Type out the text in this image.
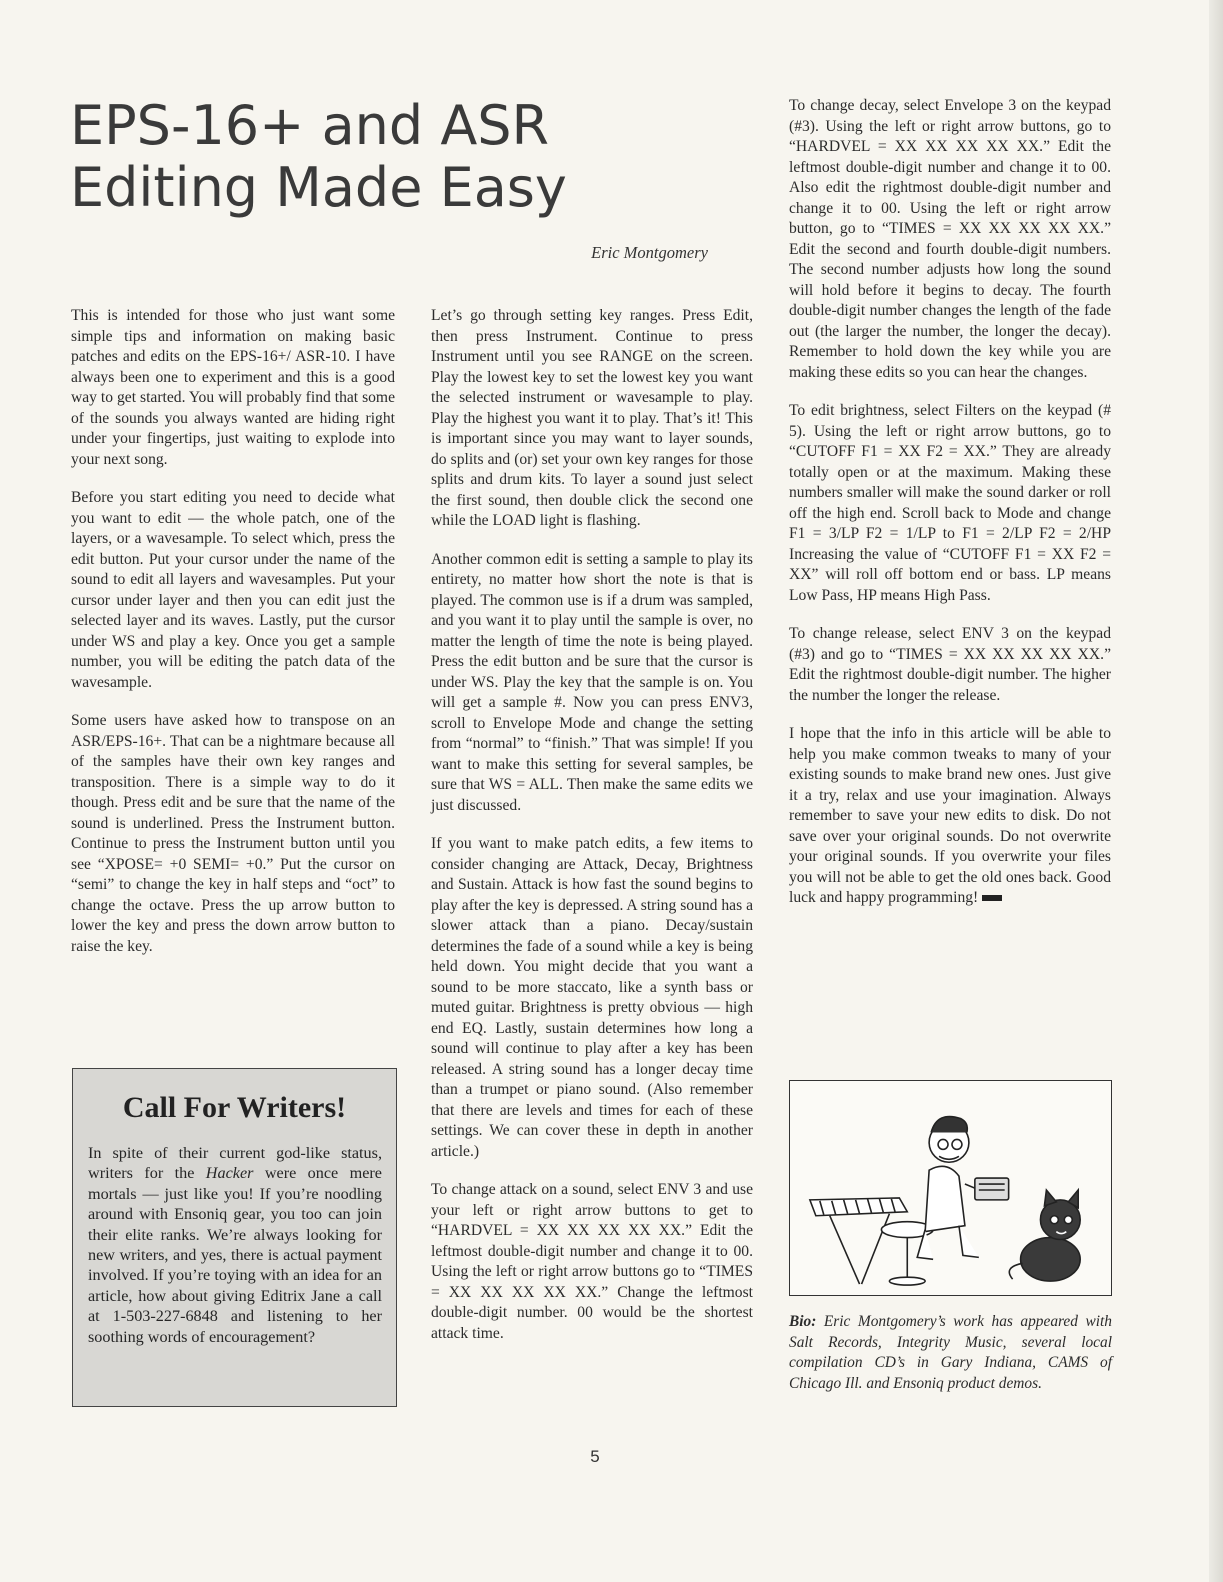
EPS-16+ and ASR
Editing Made Easy
Eric Montgomery

This is intended for those who just want some simple tips and information on making basic patches and edits on the EPS-16+/ ASR-10. I have always been one to experiment and this is a good way to get started. You will probably find that some of the sounds you always wanted are hiding right under your fingertips, just waiting to explode into your next song.

Before you start editing you need to decide what you want to edit — the whole patch, one of the layers, or a wavesample. To select which, press the edit button. Put your cursor under the name of the sound to edit all layers and wavesamples. Put your cursor under layer and then you can edit just the selected layer and its waves. Lastly, put the cursor under WS and play a key. Once you get a sample number, you will be editing the patch data of the wavesample.

Some users have asked how to transpose on an ASR/EPS-16+. That can be a nightmare because all of the samples have their own key ranges and transposition. There is a simple way to do it though. Press edit and be sure that the name of the sound is underlined. Press the Instrument button. Continue to press the Instrument button until you see “XPOSE= +0 SEMI= +0.” Put the cursor on “semi” to change the key in half steps and “oct” to change the octave. Press the up arrow button to lower the key and press the down arrow button to raise the key.

Call For Writers!
In spite of their current god-like status, writers for the Hacker were once mere mortals — just like you! If you’re noodling around with Ensoniq gear, you too can join their elite ranks. We’re always looking for new writers, and yes, there is actual payment involved. If you’re toying with an idea for an article, how about giving Editrix Jane a call at 1-503-227-6848 and listening to her soothing words of encouragement?

Let’s go through setting key ranges. Press Edit, then press Instrument. Continue to press Instrument until you see RANGE on the screen. Play the lowest key to set the lowest key you want the selected instrument or wavesample to play. Play the highest you want it to play. That’s it! This is important since you may want to layer sounds, do splits and (or) set your own key ranges for those splits and drum kits. To layer a sound just select the first sound, then double click the second one while the LOAD light is flashing.

Another common edit is setting a sample to play its entirety, no matter how short the note is that is played. The common use is if a drum was sampled, and you want it to play until the sample is over, no matter the length of time the note is being played. Press the edit button and be sure that the cursor is under WS. Play the key that the sample is on. You will get a sample #. Now you can press ENV3, scroll to Envelope Mode and change the setting from “normal” to “finish.” That was simple! If you want to make this setting for several samples, be sure that WS = ALL. Then make the same edits we just discussed.

If you want to make patch edits, a few items to consider changing are Attack, Decay, Brightness and Sustain. Attack is how fast the sound begins to play after the key is depressed. A string sound has a slower attack than a piano. Decay/sustain determines the fade of a sound while a key is being held down. You might decide that you want a sound to be more staccato, like a synth bass or muted guitar. Brightness is pretty obvious — high end EQ. Lastly, sustain determines how long a sound will continue to play after a key has been released. A string sound has a longer decay time than a trumpet or piano sound. (Also remember that there are levels and times for each of these settings. We can cover these in depth in another article.)

To change attack on a sound, select ENV 3 and use your left or right arrow buttons to get to “HARDVEL = XX XX XX XX XX.” Edit the leftmost double-digit number and change it to 00. Using the left or right arrow buttons go to “TIMES = XX XX XX XX XX.” Change the leftmost double-digit number. 00 would be the shortest attack time.

To change decay, select Envelope 3 on the keypad (#3). Using the left or right arrow buttons, go to “HARDVEL = XX XX XX XX XX.” Edit the leftmost double-digit number and change it to 00. Also edit the rightmost double-digit number and change it to 00. Using the left or right arrow button, go to “TIMES = XX XX XX XX XX.” Edit the second and fourth double-digit numbers. The second number adjusts how long the sound will hold before it begins to decay. The fourth double-digit number changes the length of the fade out (the larger the number, the longer the decay). Remember to hold down the key while you are making these edits so you can hear the changes.

To edit brightness, select Filters on the keypad (# 5). Using the left or right arrow buttons, go to “CUTOFF F1 = XX F2 = XX.” They are already totally open or at the maximum. Making these numbers smaller will make the sound darker or roll off the high end. Scroll back to Mode and change F1 = 3/LP F2 = 1/LP to F1 = 2/LP F2 = 2/HP Increasing the value of “CUTOFF F1 = XX F2 = XX” will roll off bottom end or bass. LP means Low Pass, HP means High Pass.

To change release, select ENV 3 on the keypad (#3) and go to “TIMES = XX XX XX XX XX.” Edit the rightmost double-digit number. The higher the number the longer the release.

I hope that the info in this article will be able to help you make common tweaks to many of your existing sounds to make brand new ones. Just give it a try, relax and use your imagination. Always remember to save your new edits to disk. Do not save over your original sounds. Do not overwrite your original sounds. If you overwrite your files you will not be able to get the old ones back. Good luck and happy programming!

Bio: Eric Montgomery’s work has appeared with Salt Records, Integrity Music, several local compilation CD’s in Gary Indiana, CAMS of Chicago Ill. and Ensoniq product demos.
5
